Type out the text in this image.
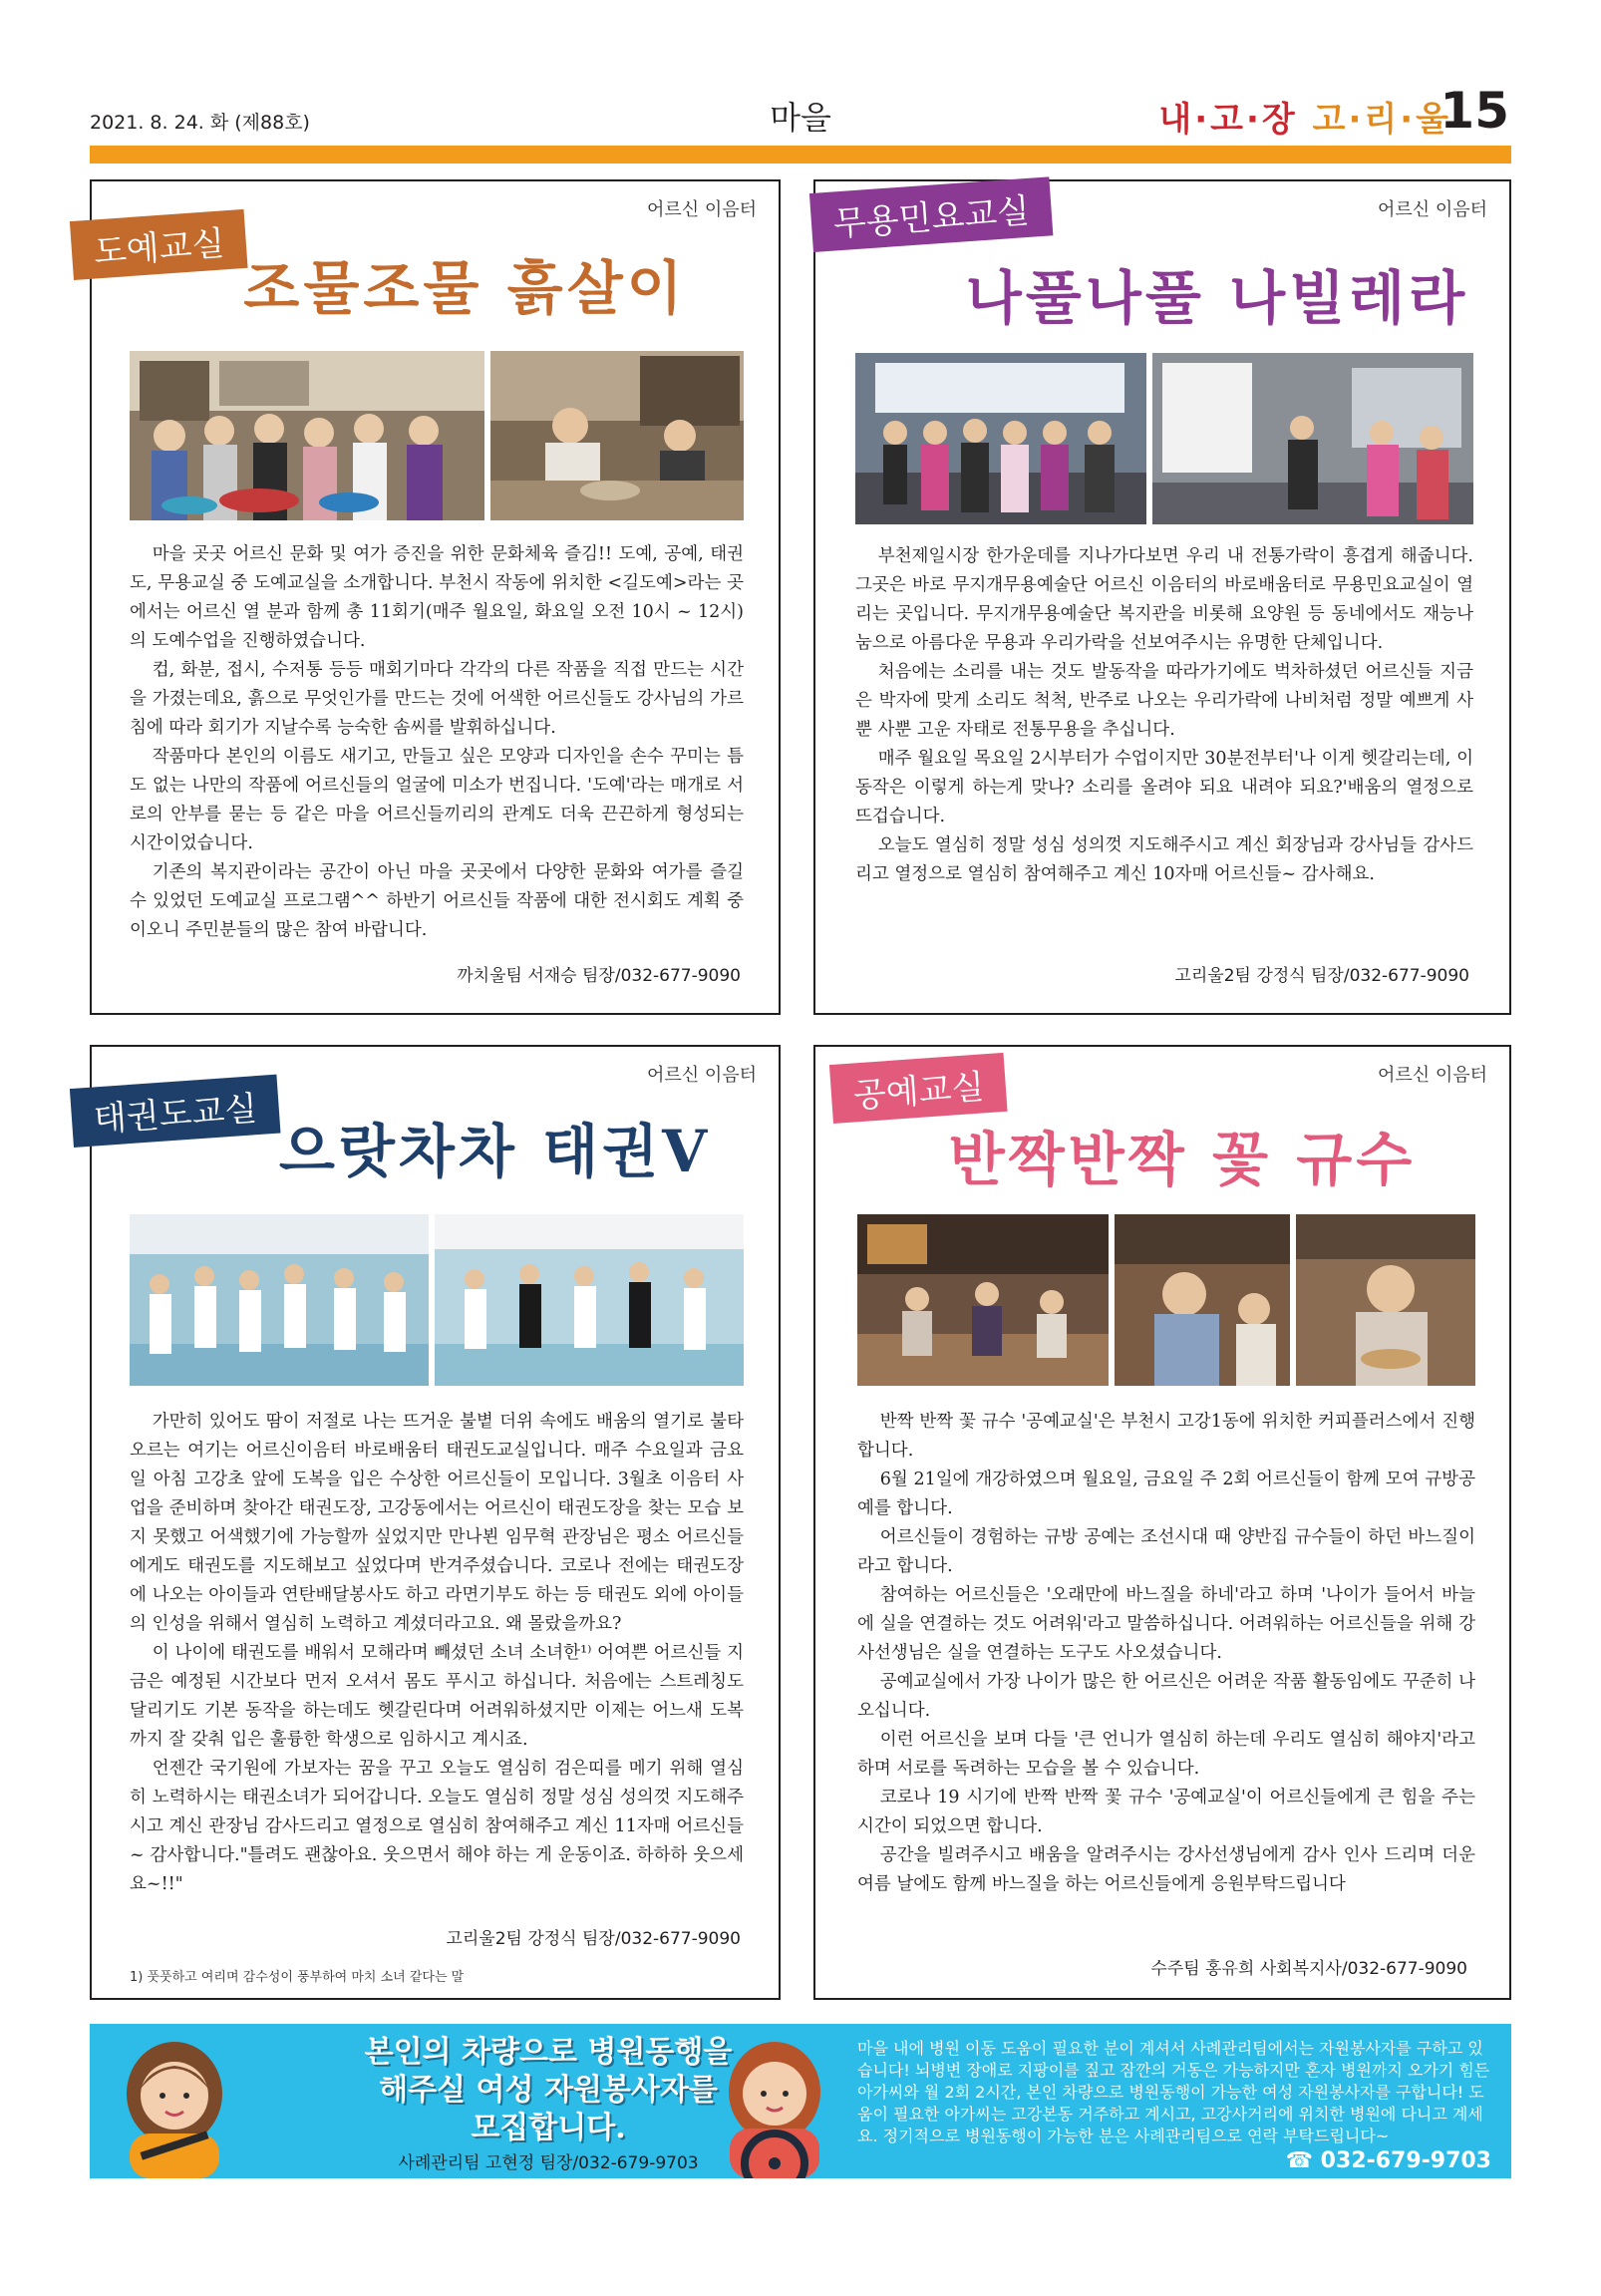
2021. 8. 24. 화 (제88호)	마을	내·고·장 고·리·울
15
도예교실
어르신 이음터
조물조물 흙살이

마을 곳곳 어르신 문화 및 여가 증진을 위한 문화체육 즐김!! 도예, 공예, 태권도, 무용교실 중 도예교실을 소개합니다. 부천시 작동에 위치한 <길도예>라는 곳에서는 어르신 열 분과 함께 총 11회기(매주 월요일, 화요일 오전 10시 ~ 12시)의 도예수업을 진행하였습니다.

컵, 화분, 접시, 수저통 등등 매회기마다 각각의 다른 작품을 직접 만드는 시간을 가졌는데요, 흙으로 무엇인가를 만드는 것에 어색한 어르신들도 강사님의 가르침에 따라 회기가 지날수록 능숙한 솜씨를 발휘하십니다.

작품마다 본인의 이름도 새기고, 만들고 싶은 모양과 디자인을 손수 꾸미는 틈도 없는 나만의 작품에 어르신들의 얼굴에 미소가 번집니다. '도예'라는 매개로 서로의 안부를 묻는 등 같은 마을 어르신들끼리의 관계도 더욱 끈끈하게 형성되는 시간이었습니다.

기존의 복지관이라는 공간이 아닌 마을 곳곳에서 다양한 문화와 여가를 즐길 수 있었던 도예교실 프로그램^^ 하반기 어르신들 작품에 대한 전시회도 계획 중이오니 주민분들의 많은 참여 바랍니다.

까치울팀 서재승 팀장/032-677-9090
무용민요교실	어르신 이음터
나풀나풀 나빌레라

부천제일시장 한가운데를 지나가다보면 우리 내 전통가락이 흥겹게 해줍니다. 그곳은 바로 무지개무용예술단 어르신 이음터의 바로배움터로 무용민요교실이 열리는 곳입니다. 무지개무용예술단 복지관을 비롯해 요양원 등 동네에서도 재능나눔으로 아름다운 무용과 우리가락을 선보여주시는 유명한 단체입니다.

처음에는 소리를 내는 것도 발동작을 따라가기에도 벅차하셨던 어르신들 지금은 박자에 맞게 소리도 척척, 반주로 나오는 우리가락에 나비처럼 정말 예쁘게 사뿐 사뿐 고운 자태로 전통무용을 추십니다.

매주 월요일 목요일 2시부터가 수업이지만 30분전부터'나 이게 헷갈리는데, 이 동작은 이렇게 하는게 맞나? 소리를 올려야 되요 내려야 되요?'배움의 열정으로 뜨겁습니다.

오늘도 열심히 정말 성심 성의껏 지도해주시고 계신 회장님과 강사님들 감사드리고 열정으로 열심히 참여해주고 계신 10자매 어르신들~ 감사해요.

고리울2팀 강정식 팀장/032-677-9090
태권도교실
어르신 이음터
으랏차차 태권V

가만히 있어도 땀이 저절로 나는 뜨거운 불볕 더위 속에도 배움의 열기로 불타오르는 여기는 어르신이음터 바로배움터 태권도교실입니다. 매주 수요일과 금요일 아침 고강초 앞에 도복을 입은 수상한 어르신들이 모입니다. 3월초 이음터 사업을 준비하며 찾아간 태권도장, 고강동에서는 어르신이 태권도장을 찾는 모습 보지 못했고 어색했기에 가능할까 싶었지만 만나뵌 임무혁 관장님은 평소 어르신들에게도 태권도를 지도해보고 싶었다며 반겨주셨습니다. 코로나 전에는 태권도장에 나오는 아이들과 연탄배달봉사도 하고 라면기부도 하는 등 태권도 외에 아이들의 인성을 위해서 열심히 노력하고 계셨더라고요. 왜 몰랐을까요?

이 나이에 태권도를 배워서 모해라며 빼셨던 소녀 소녀한¹⁾ 어여쁜 어르신들 지금은 예정된 시간보다 먼저 오셔서 몸도 푸시고 하십니다. 처음에는 스트레칭도 달리기도 기본 동작을 하는데도 헷갈린다며 어려워하셨지만 이제는 어느새 도복까지 잘 갖춰 입은 훌륭한 학생으로 임하시고 계시죠.

언젠간 국기원에 가보자는 꿈을 꾸고 오늘도 열심히 검은띠를 메기 위해 열심히 노력하시는 태권소녀가 되어갑니다. 오늘도 열심히 정말 성심 성의껏 지도해주시고 계신 관장님 감사드리고 열정으로 열심히 참여해주고 계신 11자매 어르신들~ 감사합니다."틀려도 괜찮아요. 웃으면서 해야 하는 게 운동이죠. 하하하 웃으세요~!!"

고리울2팀 강정식 팀장/032-677-9090
1) 풋풋하고 여리며 감수성이 풍부하여 마치 소녀 같다는 말
공예교실	어르신 이음터
반짝반짝 꽃 규수

반짝 반짝 꽃 규수 '공예교실'은 부천시 고강1동에 위치한 커피플러스에서 진행합니다.

6월 21일에 개강하였으며 월요일, 금요일 주 2회 어르신들이 함께 모여 규방공예를 합니다.

어르신들이 경험하는 규방 공예는 조선시대 때 양반집 규수들이 하던 바느질이라고 합니다.

참여하는 어르신들은 '오래만에 바느질을 하네'라고 하며 '나이가 들어서 바늘에 실을 연결하는 것도 어려워'라고 말씀하십니다. 어려워하는 어르신들을 위해 강사선생님은 실을 연결하는 도구도 사오셨습니다.

공예교실에서 가장 나이가 많은 한 어르신은 어려운 작품 활동임에도 꾸준히 나오십니다.

이런 어르신을 보며 다들 '큰 언니가 열심히 하는데 우리도 열심히 해야지'라고 하며 서로를 독려하는 모습을 볼 수 있습니다.

코로나 19 시기에 반짝 반짝 꽃 규수 '공예교실'이 어르신들에게 큰 힘을 주는 시간이 되었으면 합니다.

공간을 빌려주시고 배움을 알려주시는 강사선생님에게 감사 인사 드리며 더운 여름 날에도 함께 바느질을 하는 어르신들에게 응원부탁드립니다

수주팀 홍유희 사회복지사/032-677-9090
본인의 차량으로 병원동행을
해주실 여성 자원봉사자를
모집합니다.
사례관리팀 고현정 팀장/032-679-9703
마을 내에 병원 이동 도움이 필요한 분이 계셔서 사례관리팀에서는 자원봉사자를 구하고 있습니다! 뇌병변 장애로 지팡이를 짚고 잠깐의 거동은 가능하지만 혼자 병원까지 오가기 힘든 아가씨와 월 2회 2시간, 본인 차량으로 병원동행이 가능한 여성 자원봉사자를 구합니다! 도움이 필요한 아가씨는 고강본동 거주하고 계시고, 고강사거리에 위치한 병원에 다니고 계세요. 정기적으로 병원동행이 가능한 분은 사례관리팀으로 연락 부탁드립니다~
☎ 032-679-9703
